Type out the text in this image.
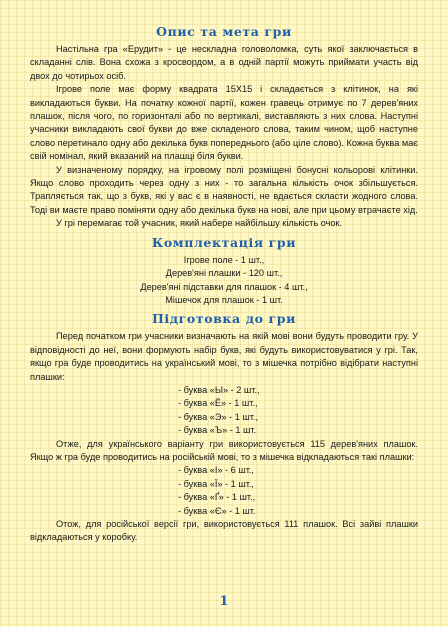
Опис та мета гри

Настільна гра «Ерудит» - це нескладна головоломка, суть якої заключається в складанні слів. Вона схожа з кросвордом, а в одній партії можуть приймати участь від двох до чотирьох осіб.

Ігрове поле має форму квадрата 15Х15 і складається з клітинок, на які викладаються букви. На початку кожної партії, кожен гравець отримує по 7 дерев'яних плашок, після чого, по горизонталі або по вертикалі, виставляють з них слова. Наступні учасники викладають свої букви до вже складеного слова, таким чином, щоб наступне слово перетинало одну або декілька букв попереднього (або ціле слово). Кожна буква має свій номінал, який вказаний на плашці біля букви.

У визначеному порядку, на ігровому полі розміщені бонусні кольорові клітинки. Якщо слово проходить через одну з них - то загальна кількість очок збільшується. Трапляється так, що з букв, які у вас є в наявності, не вдається скласти жодного слова. Тоді ви маєте право поміняти одну або декілька букв на нові, але при цьому втрачаєте хід.

У грі перемагає той учасник, який набере найбільшу кількість очок.

Комплектація гри
Ігрове поле - 1 шт.,
Дерев'яні плашки - 120 шт.,
Дерев'яні підставки для плашок - 4 шт.,
Мішечок для плашок - 1 шт.
Підготовка до гри

Перед початком гри учасники визначають на якій мові вони будуть проводити гру. У відповідності до неї, вони формують набір букв, які будуть використовуватися у грі. Так, якщо гра буде проводитись на український мові, то з мішечка потрібно відібрати наступні плашки:

- буква «Ы» - 2 шт.,
- буква «Ё» - 1 шт.,
- буква «Э» - 1 шт.,
- буква «Ъ» - 1 шт.

Отже, для українського варіанту гри використовується 115 дерев'яних плашок. Якщо ж гра буде проводитись на російській мові, то з мішечка відкладаються такі плашки:

- буква «І» - 6 шт.,
- буква «Ї» - 1 шт.,
- буква «Ґ» - 1 шт.,
- буква «Є» - 1 шт.

Отож, для російської версії гри, використовується 111 плашок. Всі зайві плашки відкладаються у коробку.

1
